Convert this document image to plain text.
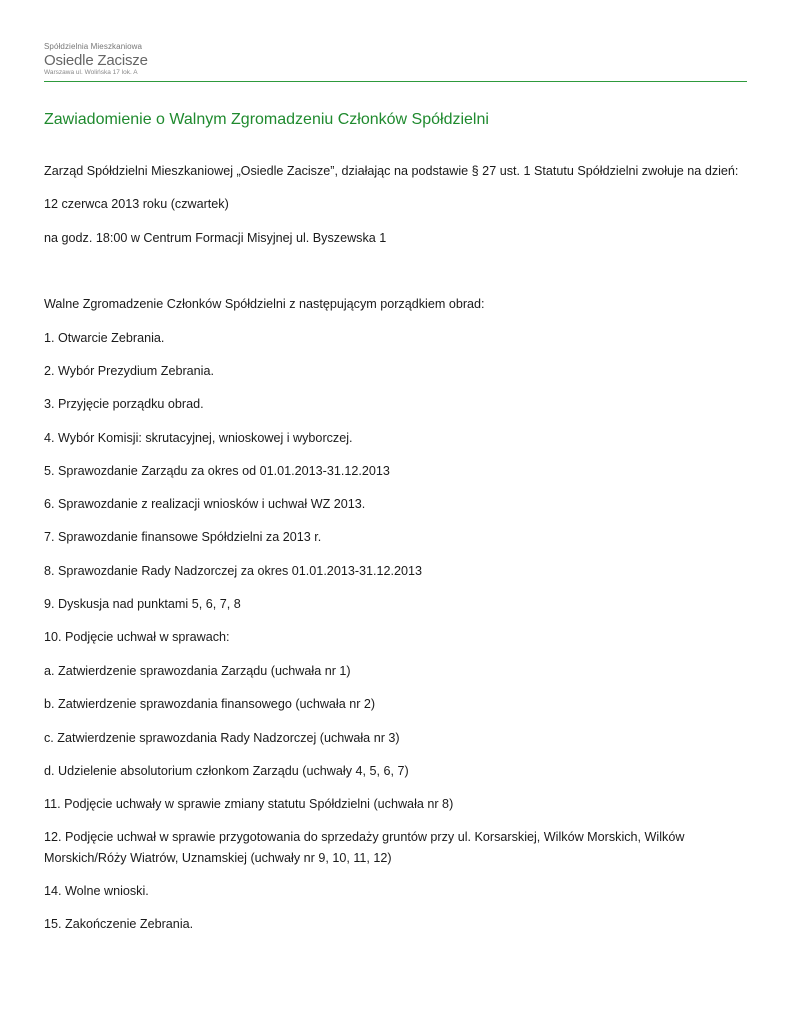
Spółdzielnia Mieszkaniowa
Osiedle Zacisze
Warszawa ul. Wolińska 17 lok. A
Zawiadomienie o Walnym Zgromadzeniu Członków Spółdzielni

Zarząd Spółdzielni Mieszkaniowej „Osiedle Zacisze”, działając na podstawie § 27 ust. 1 Statutu Spółdzielni zwołuje na dzień:

12 czerwca 2013 roku (czwartek)

na godz. 18:00 w Centrum Formacji Misyjnej ul. Byszewska 1

Walne Zgromadzenie Członków Spółdzielni z następującym porządkiem obrad:

1. Otwarcie Zebrania.

2. Wybór Prezydium Zebrania.

3. Przyjęcie porządku obrad.

4. Wybór Komisji: skrutacyjnej, wnioskowej i wyborczej.

5. Sprawozdanie Zarządu za okres od 01.01.2013-31.12.2013

6. Sprawozdanie z realizacji wniosków i uchwał WZ 2013.

7. Sprawozdanie finansowe Spółdzielni za 2013 r.

8. Sprawozdanie Rady Nadzorczej za okres 01.01.2013-31.12.2013

9. Dyskusja nad punktami 5, 6, 7, 8

10. Podjęcie uchwał w sprawach:

a. Zatwierdzenie sprawozdania Zarządu (uchwała nr 1)

b. Zatwierdzenie sprawozdania finansowego (uchwała nr 2)

c. Zatwierdzenie sprawozdania Rady Nadzorczej (uchwała nr 3)

d. Udzielenie absolutorium członkom Zarządu (uchwały 4, 5, 6, 7)

11. Podjęcie uchwały w sprawie zmiany statutu Spółdzielni (uchwała nr 8)

12. Podjęcie uchwał w sprawie przygotowania do sprzedaży gruntów przy ul. Korsarskiej, Wilków Morskich, Wilków Morskich/Róży Wiatrów, Uznamskiej (uchwały nr 9, 10, 11, 12)

14. Wolne wnioski.

15. Zakończenie Zebrania.
